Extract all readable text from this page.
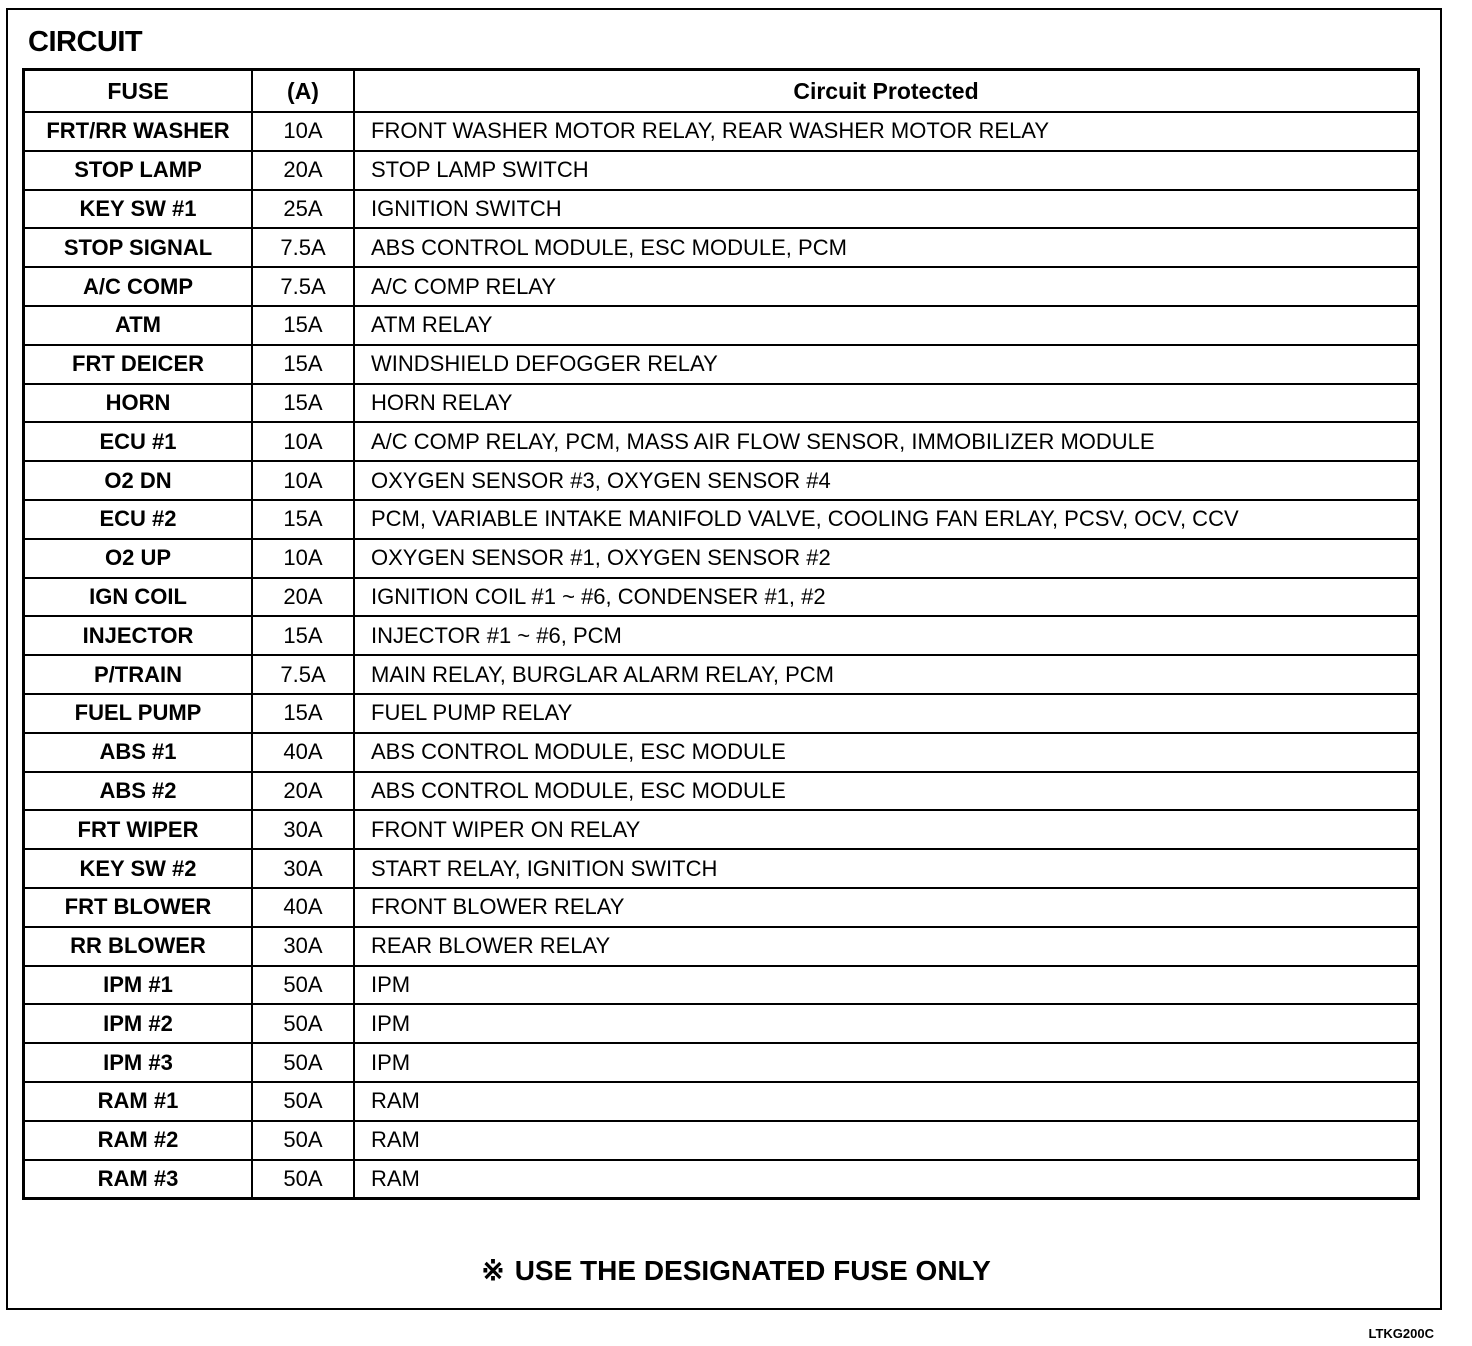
CIRCUIT
FUSE	(A)	Circuit Protected
FRT/RR WASHER	10A	FRONT WASHER MOTOR RELAY, REAR WASHER MOTOR RELAY
STOP LAMP	20A	STOP LAMP SWITCH
KEY SW #1	25A	IGNITION SWITCH
STOP SIGNAL	7.5A	ABS CONTROL MODULE, ESC MODULE, PCM
A/C COMP	7.5A	A/C COMP RELAY
ATM	15A	ATM RELAY
FRT DEICER	15A	WINDSHIELD DEFOGGER RELAY
HORN	15A	HORN RELAY
ECU #1	10A	A/C COMP RELAY, PCM, MASS AIR FLOW SENSOR, IMMOBILIZER MODULE
O2 DN	10A	OXYGEN SENSOR #3, OXYGEN SENSOR #4
ECU #2	15A	PCM, VARIABLE INTAKE MANIFOLD VALVE, COOLING FAN ERLAY, PCSV, OCV, CCV
O2 UP	10A	OXYGEN SENSOR #1, OXYGEN SENSOR #2
IGN COIL	20A	IGNITION COIL #1 ~ #6, CONDENSER #1, #2
INJECTOR	15A	INJECTOR #1 ~ #6, PCM
P/TRAIN	7.5A	MAIN RELAY, BURGLAR ALARM RELAY, PCM
FUEL PUMP	15A	FUEL PUMP RELAY
ABS #1	40A	ABS CONTROL MODULE, ESC MODULE
ABS #2	20A	ABS CONTROL MODULE, ESC MODULE
FRT WIPER	30A	FRONT WIPER ON RELAY
KEY SW #2	30A	START RELAY, IGNITION SWITCH
FRT BLOWER	40A	FRONT BLOWER RELAY
RR BLOWER	30A	REAR BLOWER RELAY
IPM #1	50A	IPM
IPM #2	50A	IPM
IPM #3	50A	IPM
RAM #1	50A	RAM
RAM #2	50A	RAM
RAM #3	50A	RAM
※ USE THE DESIGNATED FUSE ONLY
LTKG200C
